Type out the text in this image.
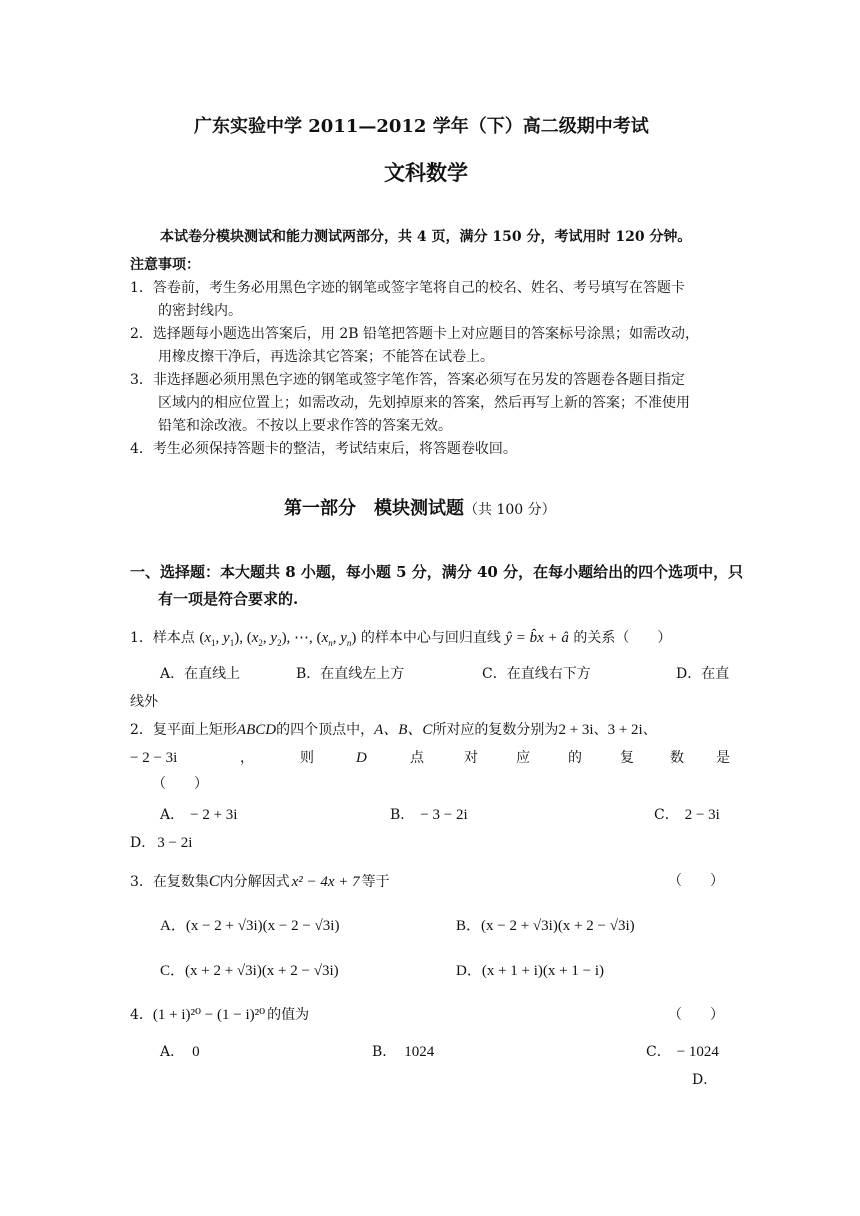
广东实验中学 2011—2012 学年（下）高二级期中考试
文科数学
本试卷分模块测试和能力测试两部分，共 4 页，满分 150 分，考试用时 120 分钟。
注意事项：
1．答卷前，考生务必用黑色字迹的钢笔或签字笔将自己的校名、姓名、考号填写在答题卡
的密封线内。
2．选择题每小题选出答案后，用 2B 铅笔把答题卡上对应题目的答案标号涂黑；如需改动，
用橡皮擦干净后，再选涂其它答案；不能答在试卷上。
3．非选择题必须用黑色字迹的钢笔或签字笔作答，答案必须写在另发的答题卷各题目指定
区域内的相应位置上；如需改动，先划掉原来的答案，然后再写上新的答案；不准使用
铅笔和涂改液。不按以上要求作答的答案无效。
4．考生必须保持答题卡的整洁，考试结束后，将答题卷收回。
第一部分　模块测试题（共 100 分）
一、选择题：本大题共 8 小题，每小题 5 分，满分 40 分，在每小题给出的四个选项中，只
有一项是符合要求的.
1．样本点 ($x_1$, $y_1$), ($x_2$, $y_2$), ⋯, ($x_n$, $y_n$) 的样本中心与回归直线 ŷ = b̂x + â 的关系（　　）
A．在直线上	B．在直线左上方	C．在直线右下方	D．在直
线外
2．复平面上矩形ABCD的四个顶点中，A、B、C所对应的复数分别为2 + 3i、3 + 2i、
− 2 − 3i	，	则	D	点	对	应	的	复	数 是
（　　）
A． − 2 + 3i	B． − 3 − 2i	C． 2 − 3i
D． 3 − 2i
3．在复数集C内分解因式 x² − 4x + 7 等于	（　　）
A．(x − 2 + √3i)(x − 2 − √3i)	B．(x − 2 + √3i)(x + 2 − √3i)
C．(x + 2 + √3i)(x + 2 − √3i)	D．(x + 1 + i)(x + 1 − i)
4．(1 + i)²⁰ − (1 − i)²⁰ 的值为	（　　）
A． 0	B． 1024	C． − 1024
D．
